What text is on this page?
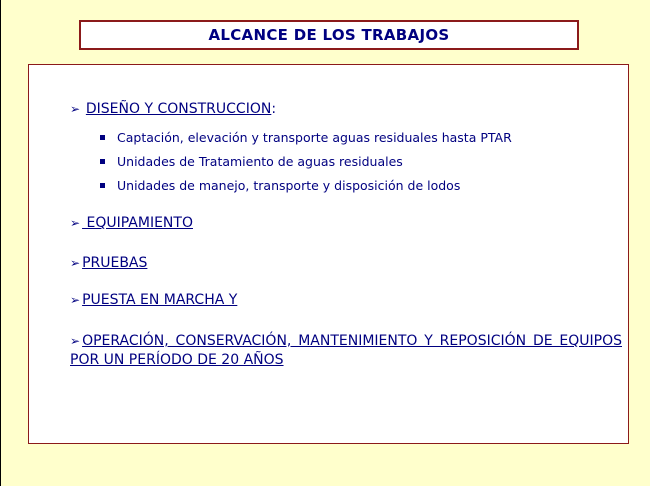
ALCANCE DE LOS TRABAJOS
➢ DISEÑO Y CONSTRUCCION :
Captación, elevación y transporte aguas residuales hasta PTAR
Unidades de Tratamiento de aguas residuales
Unidades de manejo, transporte y disposición de lodos
➢ EQUIPAMIENTO
➢ PRUEBAS
➢ PUESTA EN MARCHA Y
➢ OPERACIÓN, CONSERVACIÓN, MANTENIMIENTO Y REPOSICIÓN DE EQUIPOS POR UN PERÍODO DE 20 AÑOS
